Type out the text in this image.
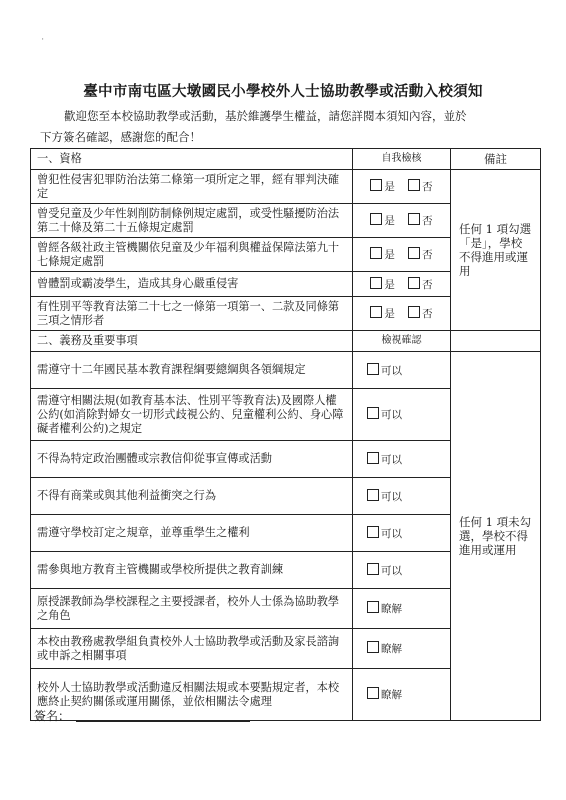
'
臺中市南屯區大墩國民小學校外人士協助教學或活動入校須知
歡迎您至本校協助教學或活動，基於維護學生權益，請您詳閱本須知內容，並於
下方簽名確認，感謝您的配合！
一、資格	自我檢核	備註
曾犯性侵害犯罪防治法第二條第一項所定之罪，經有罪判決確定	是 否	任何 1 項勾選「是」，學校不得進用或運用
曾受兒童及少年性剝削防制條例規定處罰，或受性騷擾防治法第二十條及第二十五條規定處罰	是 否	
曾經各級社政主管機關依兒童及少年福利與權益保障法第九十七條規定處罰	是 否	
曾體罰或霸凌學生，造成其身心嚴重侵害	是 否	
有性別平等教育法第二十七之一條第一項第一、二款及同條第三項之情形者	是 否	
二、義務及重要事項	檢視確認	
需遵守十二年國民基本教育課程綱要總綱與各領綱規定	可以	任何 1 項未勾選，學校不得進用或運用
需遵守相關法規(如教育基本法、性別平等教育法)及國際人權公約(如消除對婦女一切形式歧視公約、兒童權利公約、身心障礙者權利公約)之規定	可以	
不得為特定政治團體或宗教信仰從事宣傳或活動	可以	
不得有商業或與其他利益衝突之行為	可以	
需遵守學校訂定之規章，並尊重學生之權利	可以	
需參與地方教育主管機關或學校所提供之教育訓練	可以	
原授課教師為學校課程之主要授課者，校外人士係為協助教學之角色	瞭解	
本校由教務處教學組負責校外人士協助教學或活動及家長諮詢或申訴之相關事項	瞭解	
校外人士協助教學或活動違反相關法規或本要點規定者，本校應終止契約關係或運用關係，並依相關法令處理	瞭解	
簽名：
